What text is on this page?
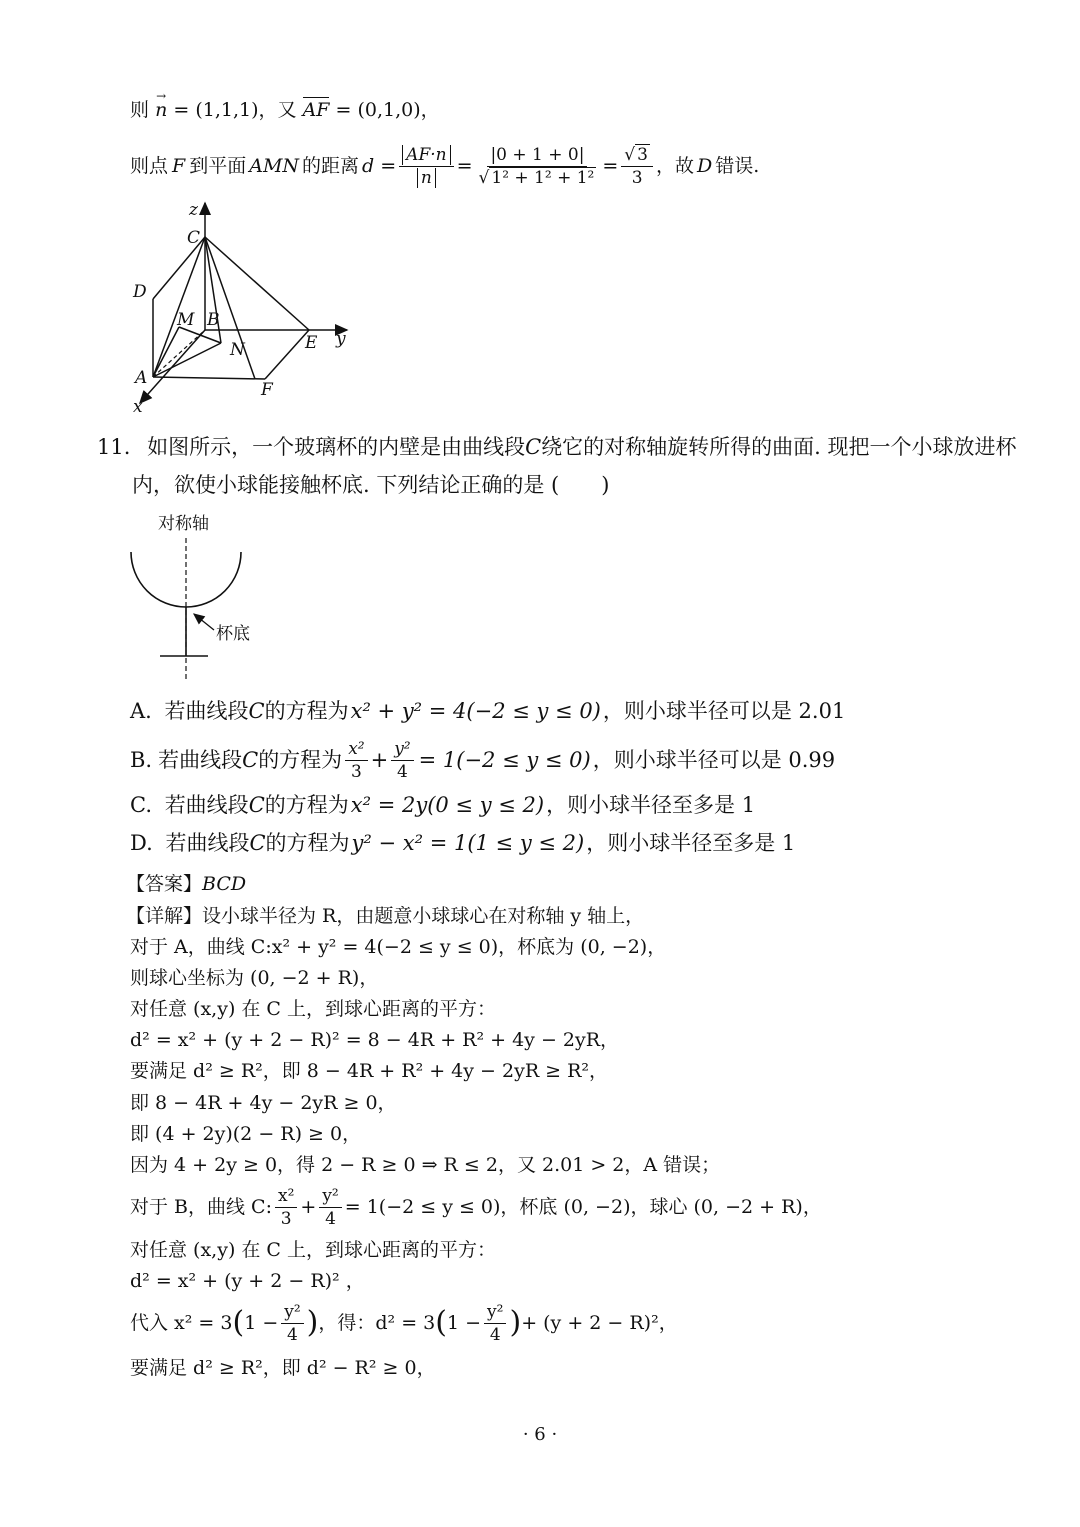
则 → n = (1,1,1)，又 AF = (0,1,0)，
则点 F 到平面 AMN 的距离 $d = \frac{AF\cdot n}{n} = \frac{|0 + 1 + 0|}{\text{√ 1² + 1² + 1²}} = \frac{√ 3}{3}$ ，故 D 错误.
z
C
D
M B
N	E y
A
F
x
11. 如图所示，一个玻璃杯的内壁是由曲线段C绕它的对称轴旋转所得的曲面. 现把一个小球放进杯
内，欲使小球能接触杯底. 下列结论正确的是 (　　)
对称轴
杯底
A. 若曲线段C的方程为x² + y² = 4(−2 ≤ y ≤ 0)，则小球半径可以是 2.01
B. 若曲线段 C 的方程为 $\frac{\text{x²}}{3} + \frac{\text{y²}}{4} = 1(-2 \le y \le 0)$ ，则小球半径可以是 0.99
C. 若曲线段C的方程为x² = 2y(0 ≤ y ≤ 2)，则小球半径至多是 1
D. 若曲线段C的方程为y² − x² = 1(1 ≤ y ≤ 2)，则小球半径至多是 1
【答案】BCD
【详解】设小球半径为 R，由题意小球球心在对称轴 y 轴上，
对于 A，曲线 C:x² + y² = 4(−2 ≤ y ≤ 0)，杯底为 (0, −2)，
则球心坐标为 (0, −2 + R)，
对任意 (x,y) 在 C 上，到球心距离的平方：
d² = x² + (y + 2 − R)² = 8 − 4R + R² + 4y − 2yR，
要满足 d² ≥ R²，即 8 − 4R + R² + 4y − 2yR ≥ R²，
即 8 − 4R + 4y − 2yR ≥ 0，
即 (4 + 2y)(2 − R) ≥ 0，
因为 4 + 2y ≥ 0，得 2 − R ≥ 0 ⇒ R ≤ 2，又 2.01 > 2，A 错误；
对于 B，曲线 C: $\frac{\text{x²}}{3} + \frac{\text{y²}}{4} = 1(-2 \le y \le 0)$，杯底 (0, −2)，球心 (0, −2 + R)，
对任意 (x,y) 在 C 上，到球心距离的平方：
d² = x² + (y + 2 − R)² ，
代入 x² = 3 ( $1 - \frac{\text{y²}}{4}$ ) ，得：d² = 3 ( $1 - \frac{\text{y²}}{4}$ ) + (y + 2 − R)²，
要满足 d² ≥ R²，即 d² − R² ≥ 0，
· 6 ·
